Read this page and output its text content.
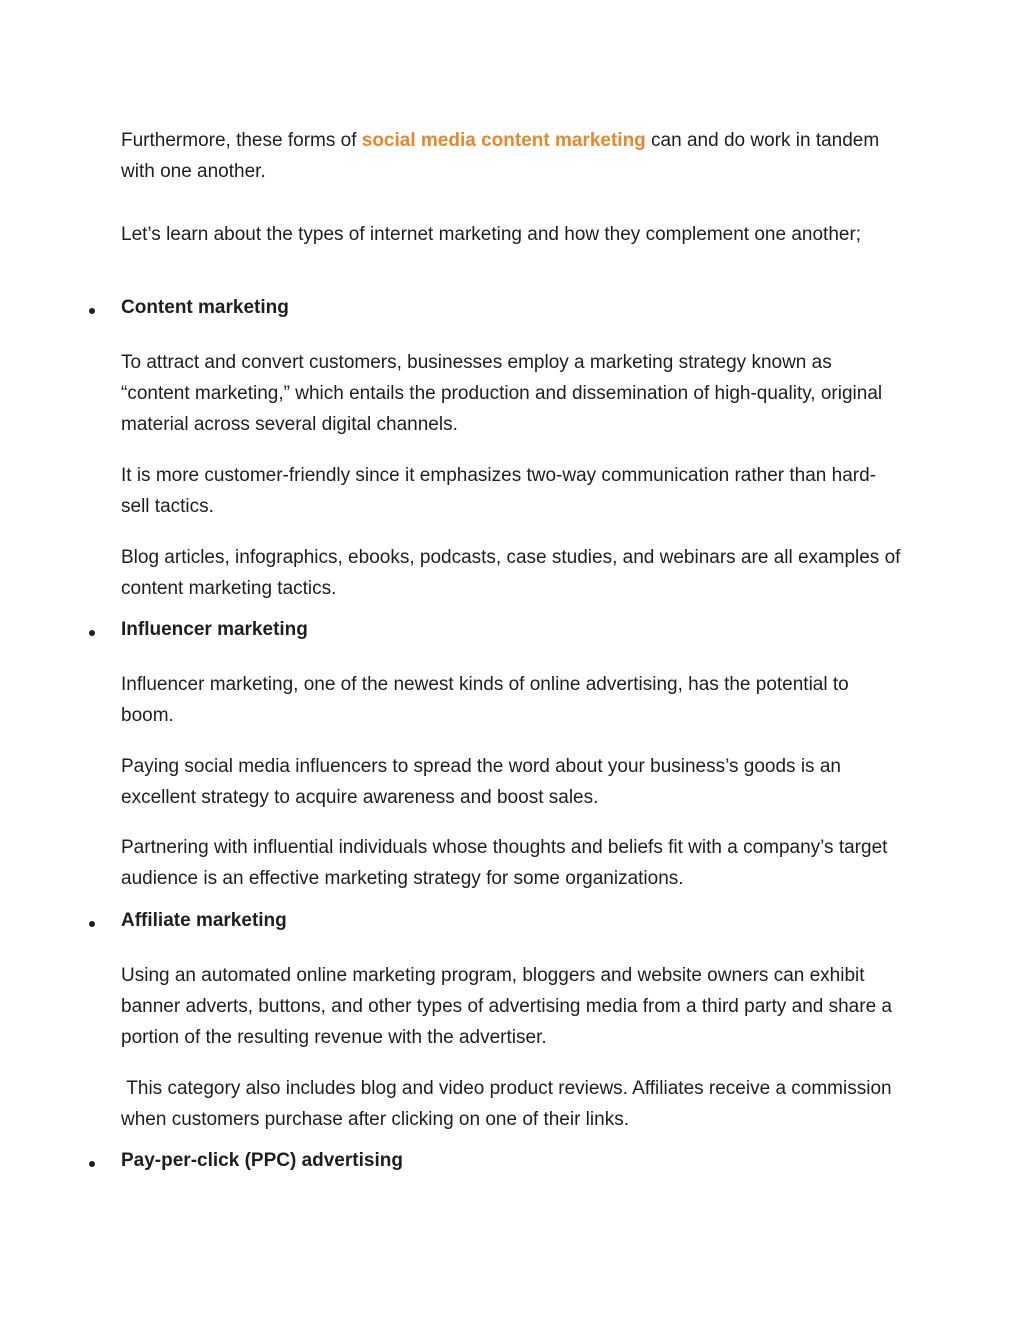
Furthermore, these forms of social media content marketing can and do work in tandem with one another.

Let’s learn about the types of internet marketing and how they complement one another;

Content marketing

To attract and convert customers, businesses employ a marketing strategy known as “content marketing,” which entails the production and dissemination of high-quality, original material across several digital channels.

It is more customer-friendly since it emphasizes two-way communication rather than hard-sell tactics.

Blog articles, infographics, ebooks, podcasts, case studies, and webinars are all examples of content marketing tactics.

Influencer marketing

Influencer marketing, one of the newest kinds of online advertising, has the potential to boom.

Paying social media influencers to spread the word about your business’s goods is an excellent strategy to acquire awareness and boost sales.

Partnering with influential individuals whose thoughts and beliefs fit with a company’s target audience is an effective marketing strategy for some organizations.

Affiliate marketing

Using an automated online marketing program, bloggers and website owners can exhibit banner adverts, buttons, and other types of advertising media from a third party and share a portion of the resulting revenue with the advertiser.

This category also includes blog and video product reviews. Affiliates receive a commission when customers purchase after clicking on one of their links.

Pay-per-click (PPC) advertising
